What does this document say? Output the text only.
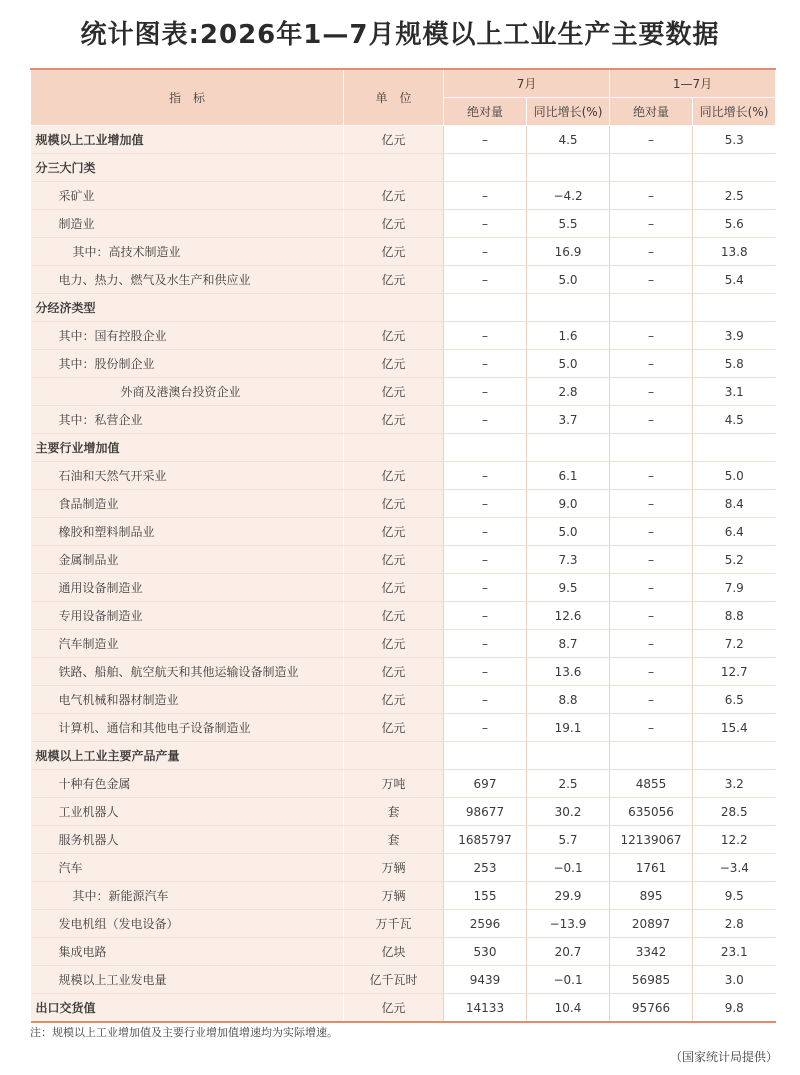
统计图表:2026年1—7月规模以上工业生产主要数据
指　标	单　位	7月		1—7月	
		绝对量	同比增长(%)	绝对量	同比增长(%)
规模以上工业增加值	亿元	–	4.5	–	5.3
分三大门类					
采矿业	亿元	–	−4.2	–	2.5
制造业	亿元	–	5.5	–	5.6
其中：高技术制造业	亿元	–	16.9	–	13.8
电力、热力、燃气及水生产和供应业	亿元	–	5.0	–	5.4
分经济类型					
其中：国有控股企业	亿元	–	1.6	–	3.9
其中：股份制企业	亿元	–	5.0	–	5.8
外商及港澳台投资企业	亿元	–	2.8	–	3.1
其中：私营企业	亿元	–	3.7	–	4.5
主要行业增加值					
石油和天然气开采业	亿元	–	6.1	–	5.0
食品制造业	亿元	–	9.0	–	8.4
橡胶和塑料制品业	亿元	–	5.0	–	6.4
金属制品业	亿元	–	7.3	–	5.2
通用设备制造业	亿元	–	9.5	–	7.9
专用设备制造业	亿元	–	12.6	–	8.8
汽车制造业	亿元	–	8.7	–	7.2
铁路、船舶、航空航天和其他运输设备制造业	亿元	–	13.6	–	12.7
电气机械和器材制造业	亿元	–	8.8	–	6.5
计算机、通信和其他电子设备制造业	亿元	–	19.1	–	15.4
规模以上工业主要产品产量					
十种有色金属	万吨	697	2.5	4855	3.2
工业机器人	套	98677	30.2	635056	28.5
服务机器人	套	1685797	5.7	12139067	12.2
汽车	万辆	253	−0.1	1761	−3.4
其中：新能源汽车	万辆	155	29.9	895	9.5
发电机组（发电设备）	万千瓦	2596	−13.9	20897	2.8
集成电路	亿块	530	20.7	3342	23.1
规模以上工业发电量	亿千瓦时	9439	−0.1	56985	3.0
出口交货值	亿元	14133	10.4	95766	9.8
注：规模以上工业增加值及主要行业增加值增速均为实际增速。
（国家统计局提供）
